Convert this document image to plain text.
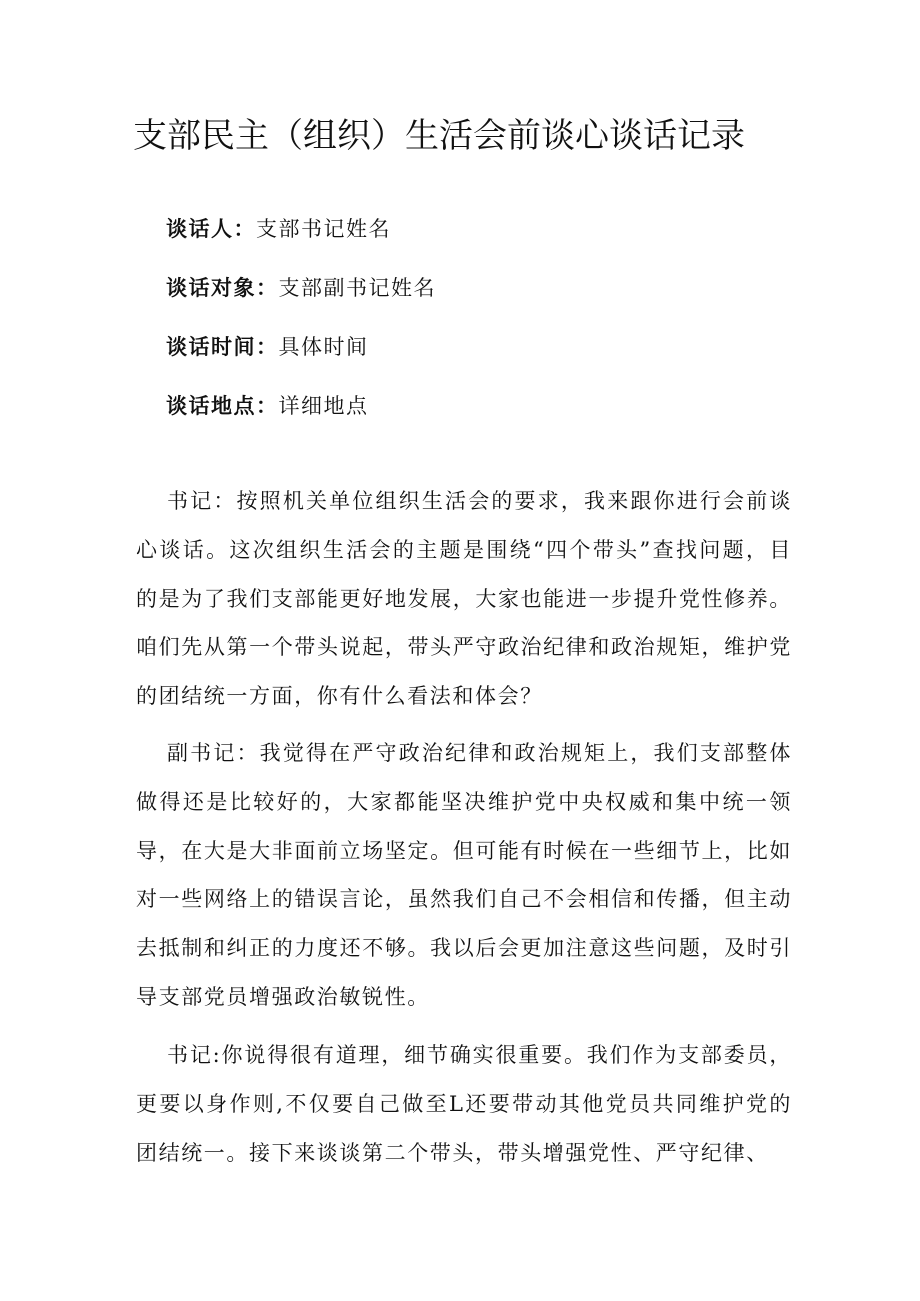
支部民主（组织）生活会前谈心谈话记录
谈话人：支部书记姓名
谈话对象：支部副书记姓名
谈话时间：具体时间
谈话地点：详细地点

书记：按照机关单位组织生活会的要求，我来跟你进行会前谈心谈话。这次组织生活会的主题是围绕“四个带头”查找问题，目的是为了我们支部能更好地发展，大家也能进一步提升党性修养。咱们先从第一个带头说起，带头严守政治纪律和政治规矩，维护党的团结统一方面，你有什么看法和体会？

副书记：我觉得在严守政治纪律和政治规矩上，我们支部整体做得还是比较好的，大家都能坚决维护党中央权威和集中统一领导，在大是大非面前立场坚定。但可能有时候在一些细节上，比如对一些网络上的错误言论，虽然我们自己不会相信和传播，但主动去抵制和纠正的力度还不够。我以后会更加注意这些问题，及时引导支部党员增强政治敏锐性。

书记:你说得很有道理，细节确实很重要。我们作为支部委员，更要以身作则,不仅要自己做至L还要带动其他党员共同维护党的团结统一。接下来谈谈第二个带头，带头增强党性、严守纪律、
